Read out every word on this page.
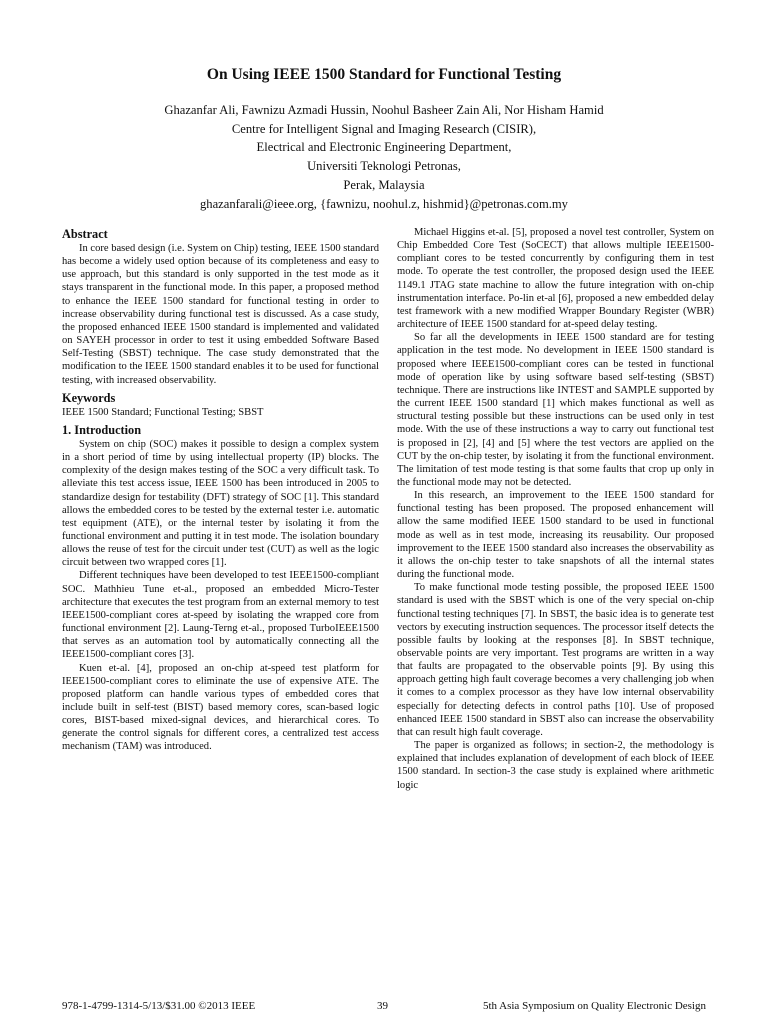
On Using IEEE 1500 Standard for Functional Testing
Ghazanfar Ali, Fawnizu Azmadi Hussin, Noohul Basheer Zain Ali, Nor Hisham Hamid
Centre for Intelligent Signal and Imaging Research (CISIR),
Electrical and Electronic Engineering Department,
Universiti Teknologi Petronas,
Perak, Malaysia
ghazanfarali@ieee.org, {fawnizu, noohul.z, hishmid}@petronas.com.my
Abstract

In core based design (i.e. System on Chip) testing, IEEE 1500 standard has become a widely used option because of its completeness and easy to use approach, but this standard is only supported in the test mode as it stays transparent in the functional mode. In this paper, a proposed method to enhance the IEEE 1500 standard for functional testing in order to increase observability during functional test is discussed. As a case study, the proposed enhanced IEEE 1500 standard is implemented and validated on SAYEH processor in order to test it using embedded Software Based Self-Testing (SBST) technique. The case study demonstrated that the modification to the IEEE 1500 standard enables it to be used for functional testing, with increased observability.

Keywords

IEEE 1500 Standard; Functional Testing; SBST

1. Introduction

System on chip (SOC) makes it possible to design a complex system in a short period of time by using intellectual property (IP) blocks. The complexity of the design makes testing of the SOC a very difficult task. To alleviate this test access issue, IEEE 1500 has been introduced in 2005 to standardize design for testability (DFT) strategy of SOC [1]. This standard allows the embedded cores to be tested by the external tester i.e. automatic test equipment (ATE), or the internal tester by isolating it from the functional environment and putting it in test mode. The isolation boundary allows the reuse of test for the circuit under test (CUT) as well as the logic circuit between two wrapped cores [1].

Different techniques have been developed to test IEEE1500-compliant SOC. Mathhieu Tune et-al., proposed an embedded Micro-Tester architecture that executes the test program from an external memory to test IEEE1500-compliant cores at-speed by isolating the wrapped core from functional environment [2]. Laung-Terng et-al., proposed TurboIEEE1500 that serves as an automation tool by automatically connecting all the IEEE1500-compliant cores [3].

Kuen et-al. [4], proposed an on-chip at-speed test platform for IEEE1500-compliant cores to eliminate the use of expensive ATE. The proposed platform can handle various types of embedded cores that include built in self-test (BIST) based memory cores, scan-based logic cores, BIST-based mixed-signal devices, and hierarchical cores. To generate the control signals for different cores, a centralized test access mechanism (TAM) was introduced.

Michael Higgins et-al. [5], proposed a novel test controller, System on Chip Embedded Core Test (SoCECT) that allows multiple IEEE1500-compliant cores to be tested concurrently by configuring them in test mode. To operate the test controller, the proposed design used the IEEE 1149.1 JTAG state machine to allow the future integration with on-chip instrumentation interface. Po-lin et-al [6], proposed a new embedded delay test framework with a new modified Wrapper Boundary Register (WBR) architecture of IEEE 1500 standard for at-speed delay testing.

So far all the developments in IEEE 1500 standard are for testing application in the test mode. No development in IEEE 1500 standard is proposed where IEEE1500-compliant cores can be tested in functional mode of operation like by using software based self-testing (SBST) technique. There are instructions like INTEST and SAMPLE supported by the current IEEE 1500 standard [1] which makes functional as well as structural testing possible but these instructions can be used only in test mode. With the use of these instructions a way to carry out functional test is proposed in [2], [4] and [5] where the test vectors are applied on the CUT by the on-chip tester, by isolating it from the functional environment. The limitation of test mode testing is that some faults that crop up only in the functional mode may not be detected.

In this research, an improvement to the IEEE 1500 standard for functional testing has been proposed. The proposed enhancement will allow the same modified IEEE 1500 standard to be used in functional mode as well as in test mode, increasing its reusability. Our proposed improvement to the IEEE 1500 standard also increases the observability as it allows the on-chip tester to take snapshots of all the internal states during the functional mode.

To make functional mode testing possible, the proposed IEEE 1500 standard is used with the SBST which is one of the very special on-chip functional testing techniques [7]. In SBST, the basic idea is to generate test vectors by executing instruction sequences. The processor itself detects the possible faults by looking at the responses [8]. In SBST technique, observable points are very important. Test programs are written in a way that faults are propagated to the observable points [9]. By using this approach getting high fault coverage becomes a very challenging job when it comes to a complex processor as they have low internal observability especially for detecting defects in control paths [10]. Use of proposed enhanced IEEE 1500 standard in SBST also can increase the observability that can result high fault coverage.

The paper is organized as follows; in section-2, the methodology is explained that includes explanation of development of each block of IEEE 1500 standard. In section-3 the case study is explained where arithmetic logic

978-1-4799-1314-5/13/$31.00 ©2013 IEEE	39	5th Asia Symposium on Quality Electronic Design
